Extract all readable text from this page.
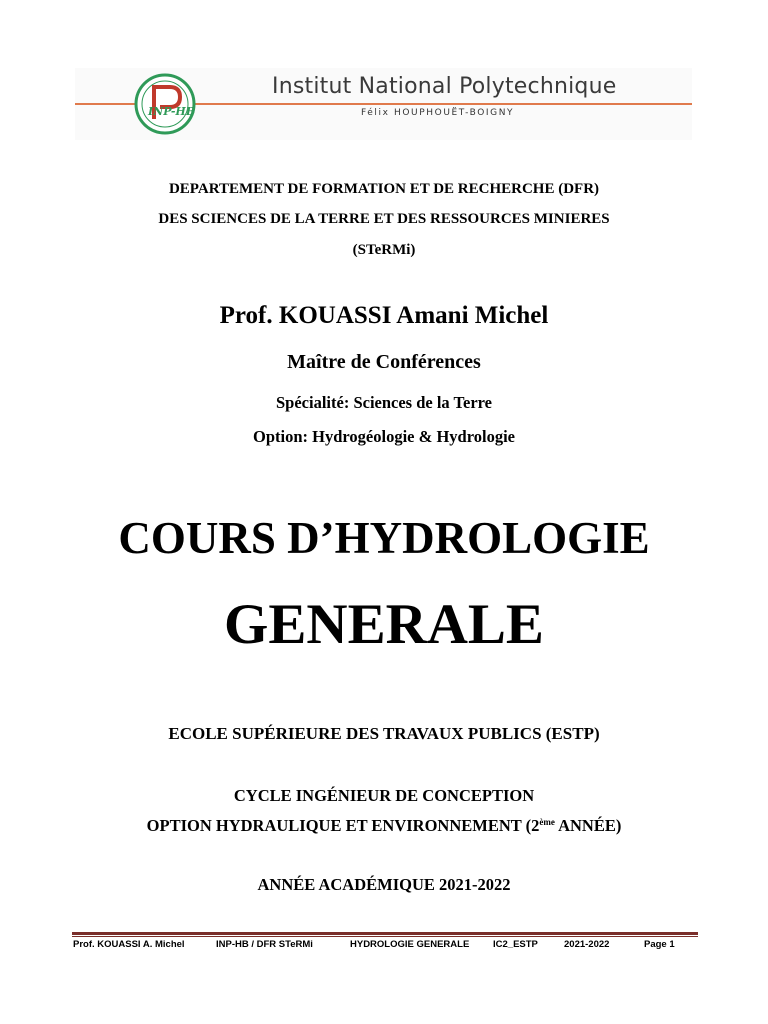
INP-HB
Institut National Polytechnique
Félix HOUPHOUËT-BOIGNY
DEPARTEMENT DE FORMATION ET DE RECHERCHE (DFR)
DES SCIENCES DE LA TERRE ET DES RESSOURCES MINIERES
(STeRMi)
Prof. KOUASSI Amani Michel
Maître de Conférences
Spécialité: Sciences de la Terre
Option: Hydrogéologie & Hydrologie
COURS D’HYDROLOGIE
GENERALE
ECOLE SUPÉRIEURE DES TRAVAUX PUBLICS (ESTP)
CYCLE INGÉNIEUR DE CONCEPTION
OPTION HYDRAULIQUE ET ENVIRONNEMENT (2ème ANNÉE)
ANNÉE ACADÉMIQUE 2021-2022
Prof. KOUASSI A. Michel	INP-HB / DFR STeRMi	HYDROLOGIE GENERALE IC2_ESTP	2021-2022	Page 1
